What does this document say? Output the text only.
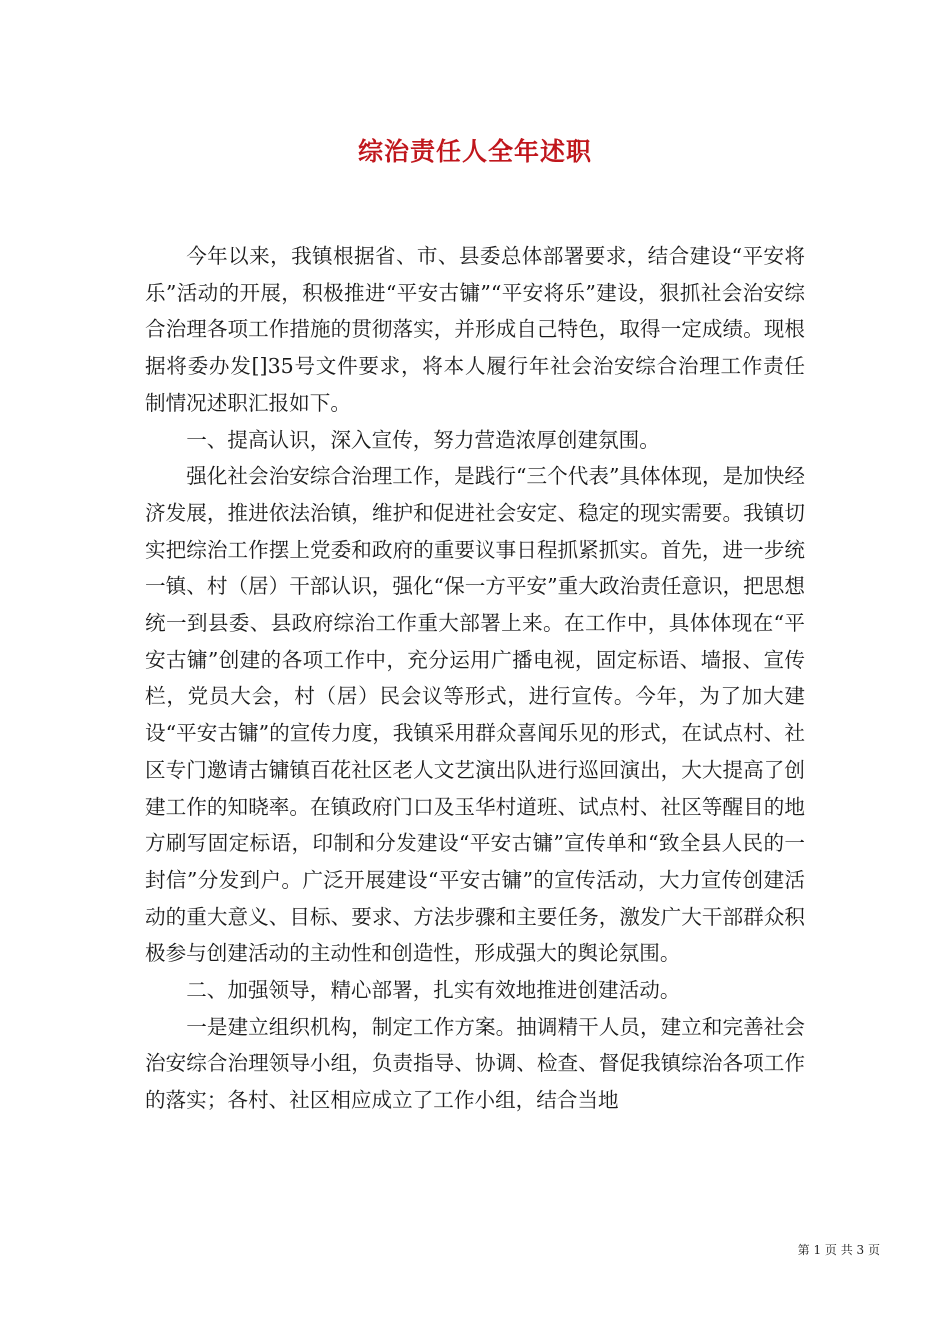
综治责任人全年述职

今年以来，我镇根据省、市、县委总体部署要求，结合建设“平安将乐”活动的开展，积极推进“平安古镛”“平安将乐”建设，狠抓社会治安综合治理各项工作措施的贯彻落实，并形成自己特色，取得一定成绩。现根据将委办发[]35号文件要求，将本人履行年社会治安综合治理工作责任制情况述职汇报如下。

一、提高认识，深入宣传，努力营造浓厚创建氛围。

强化社会治安综合治理工作，是践行“三个代表”具体体现，是加快经济发展，推进依法治镇，维护和促进社会安定、稳定的现实需要。我镇切实把综治工作摆上党委和政府的重要议事日程抓紧抓实。首先，进一步统一镇、村（居）干部认识，强化“保一方平安”重大政治责任意识，把思想统一到县委、县政府综治工作重大部署上来。在工作中，具体体现在“平安古镛”创建的各项工作中，充分运用广播电视，固定标语、墙报、宣传栏，党员大会，村（居）民会议等形式，进行宣传。今年，为了加大建设“平安古镛”的宣传力度，我镇采用群众喜闻乐见的形式，在试点村、社区专门邀请古镛镇百花社区老人文艺演出队进行巡回演出，大大提高了创建工作的知晓率。在镇政府门口及玉华村道班、试点村、社区等醒目的地方刷写固定标语，印制和分发建设“平安古镛”宣传单和“致全县人民的一封信”分发到户。广泛开展建设“平安古镛”的宣传活动，大力宣传创建活动的重大意义、目标、要求、方法步骤和主要任务，激发广大干部群众积极参与创建活动的主动性和创造性，形成强大的舆论氛围。

二、加强领导，精心部署，扎实有效地推进创建活动。

一是建立组织机构，制定工作方案。抽调精干人员，建立和完善社会治安综合治理领导小组，负责指导、协调、检查、督促我镇综治各项工作的落实；各村、社区相应成立了工作小组，结合当地

第 1 页 共 3 页
